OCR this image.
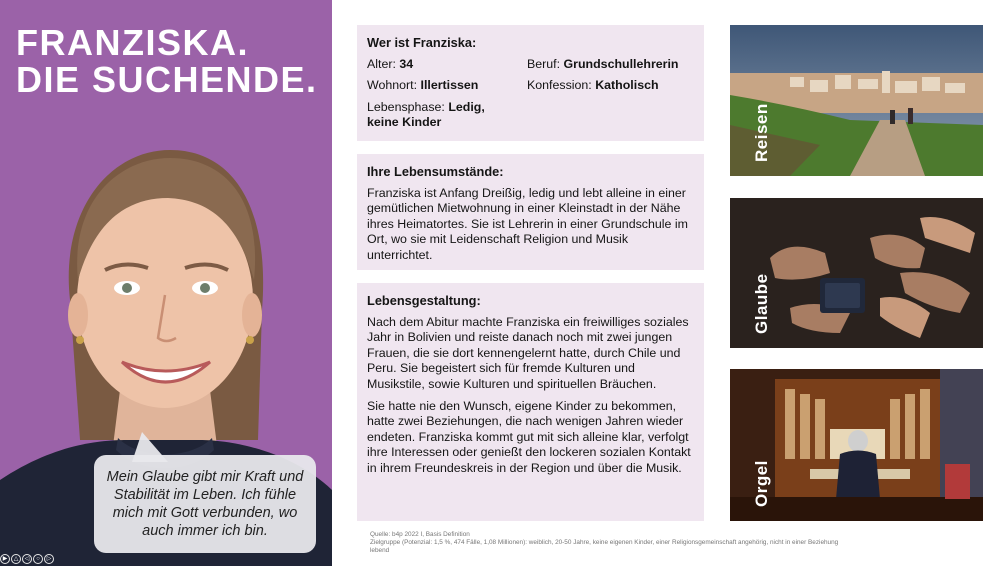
FRANZISKA.
DIE SUCHENDE.
Mein Glaube gibt mir Kraft und Stabilität im Leben. Ich fühle mich mit Gott verbunden, wo auch immer ich bin.
▶	△	◁	○	▷
Wer ist Franziska:
Alter: 34	Beruf: Grundschullehrerin
Wohnort: Illertissen	Konfession: Katholisch

Lebensphase: Ledig, keine Kinder

Ihre Lebensumstände:

Franziska ist Anfang Dreißig, ledig und lebt alleine in einer gemütlichen Mietwohnung in einer Kleinstadt in der Nähe ihres Heimatortes. Sie ist Lehrerin in einer Grundschule im Ort, wo sie mit Leidenschaft Religion und Musik unterrichtet.

Lebensgestaltung:

Nach dem Abitur machte Franziska ein freiwilliges soziales Jahr in Bolivien und reiste danach noch mit zwei jungen Frauen, die sie dort kennengelernt hatte, durch Chile und Peru. Sie begeistert sich für fremde Kulturen und Musikstile, sowie Kulturen und spirituellen Bräuchen.

Sie hatte nie den Wunsch, eigene Kinder zu bekommen, hatte zwei Beziehungen, die nach wenigen Jahren wieder endeten. Franziska kommt gut mit sich alleine klar, verfolgt ihre Interessen oder genießt den lockeren sozialen Kontakt in ihrem Freundeskreis in der Region und über die Musik.

Reisen
Glaube
Orgel
Quelle: b4p 2022 I, Basis Definition
Zielgruppe (Potenzial: 1,5 %, 474 Fälle, 1,08 Millionen): weiblich, 20-50 Jahre, keine eigenen Kinder, einer Religionsgemeinschaft angehörig, nicht in einer Beziehung
lebend
